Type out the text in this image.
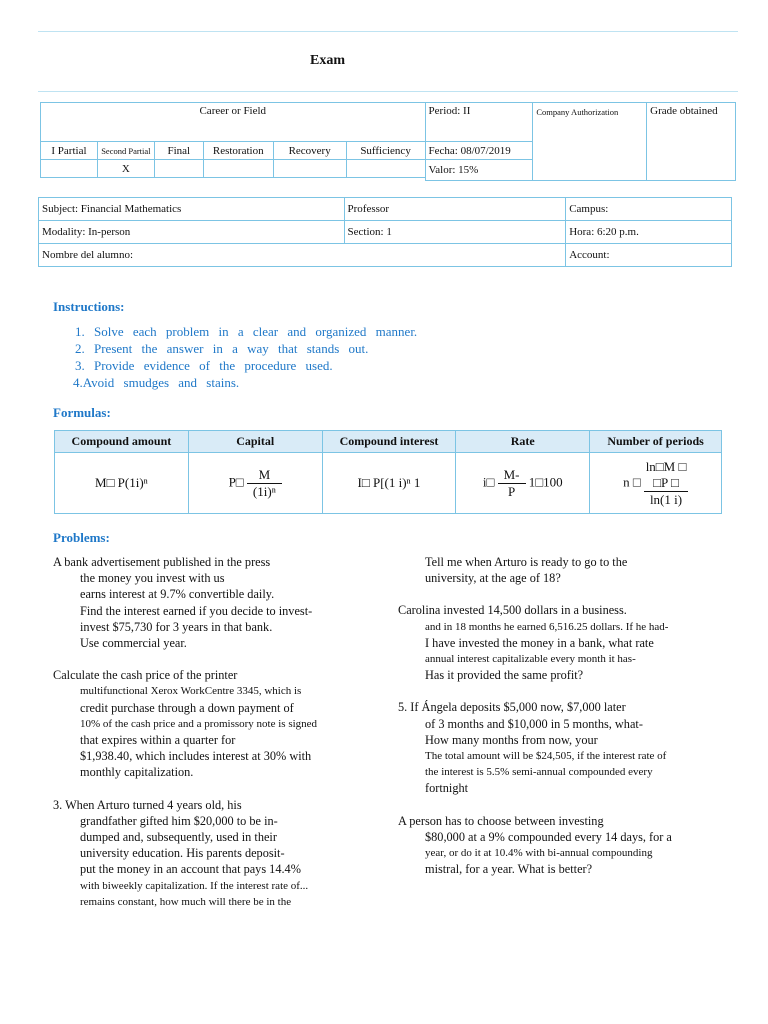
Exam
Career or Field						Period: II	Company Authorization	Grade obtained
I Partial	Second Partial	Final	Restoration	Recovery	Sufficiency	Fecha: 08/07/2019		
	X					Valor: 15%		

Subject: Financial Mathematics	Professor	Campus:
Modality: In-person	Section: 1	Hora: 6:20 p.m.
Nombre del alumno:		Account:
Instructions:
1. Solve each problem in a clear and organized manner.
2. Present the answer in a way that stands out.
3. Provide evidence of the procedure used.
4.Avoid smudges and stains.
Formulas:
Compound amount	Capital	Compound interest	Rate	Number of periods
M□ P(1i)ⁿ	P□ $\frac{M}{\text{(1i)ⁿ}}$	I□ P[(1 i)ⁿ 1	i□ $\frac{M-}{P}$ 1□100	n □
ln□M □
□P □
ln(1 i)
Problems:

A bank advertisement published in the press
the money you invest with us
earns interest at 9.7% convertible daily.
Find the interest earned if you decide to invest-
invest $75,730 for 3 years in that bank.
Use commercial year.

Calculate the cash price of the printer
multifunctional Xerox WorkCentre 3345, which is
credit purchase through a down payment of
10% of the cash price and a promissory note is signed
that expires within a quarter for
$1,938.40, which includes interest at 30% with
monthly capitalization.

3. When Arturo turned 4 years old, his
grandfather gifted him $20,000 to be in-
dumped and, subsequently, used in their
university education. His parents deposit-
put the money in an account that pays 14.4%
with biweekly capitalization. If the interest rate of...
remains constant, how much will there be in the

Tell me when Arturo is ready to go to the
university, at the age of 18?

Carolina invested 14,500 dollars in a business.
and in 18 months he earned 6,516.25 dollars. If he had-
I have invested the money in a bank, what rate
annual interest capitalizable every month it has-
Has it provided the same profit?

5. If Ángela deposits $5,000 now, $7,000 later
of 3 months and $10,000 in 5 months, what-
How many months from now, your
The total amount will be $24,505, if the interest rate of
the interest is 5.5% semi-annual compounded every
fortnight

A person has to choose between investing
$80,000 at a 9% compounded every 14 days, for a
year, or do it at 10.4% with bi-annual compounding
mistral, for a year. What is better?
